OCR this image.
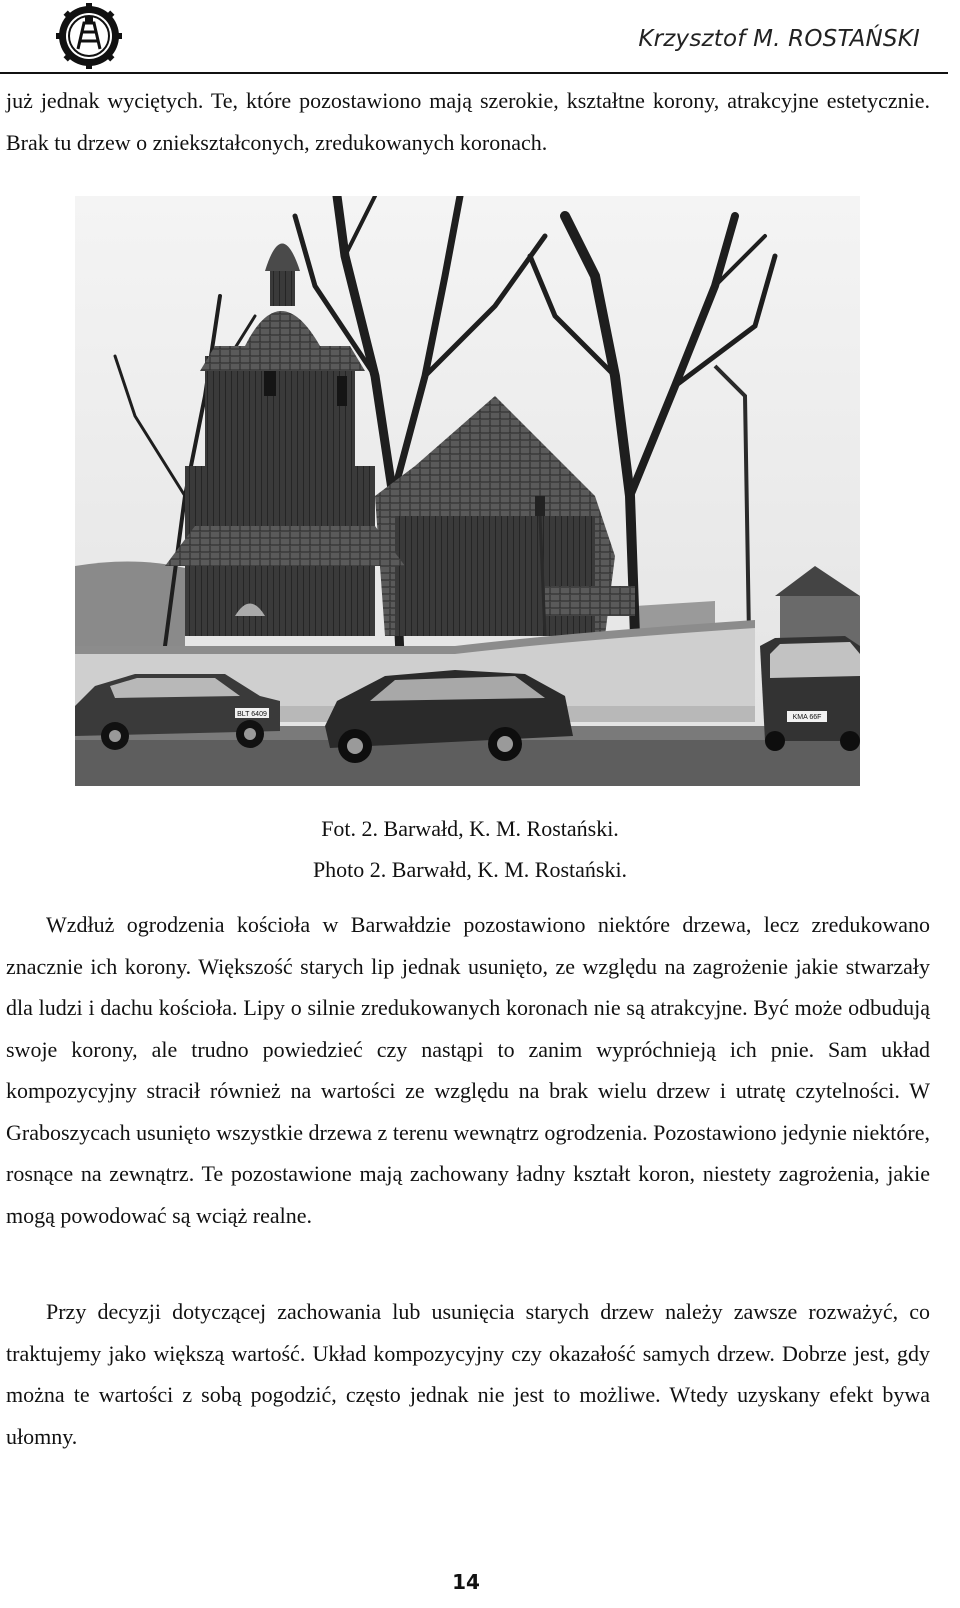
Krzysztof M. ROSTAŃSKI

już jednak wyciętych. Te, które pozostawiono mają szerokie, kształtne korony, atrakcyjne estetycznie. Brak tu drzew o zniekształconych, zredukowanych koronach.

BLT 6409	KMA 66F
Fot. 2. Barwałd, K. M. Rostański.
Photo 2. Barwałd, K. M. Rostański.

Wzdłuż ogrodzenia kościoła w Barwałdzie pozostawiono niektóre drzewa, lecz zredukowano znacznie ich korony. Większość starych lip jednak usunięto, ze względu na zagrożenie jakie stwarzały dla ludzi i dachu kościoła. Lipy o silnie zredukowanych koronach nie są atrakcyjne. Być może odbudują swoje korony, ale trudno powiedzieć czy nastąpi to zanim wypróchnieją ich pnie. Sam układ kompozycyjny stracił również na wartości ze względu na brak wielu drzew i utratę czytelności. W Graboszycach usunięto wszystkie drzewa z terenu wewnątrz ogrodzenia. Pozostawiono jedynie niektóre, rosnące na zewnątrz. Te pozostawione mają zachowany ładny kształt koron, niestety zagrożenia, jakie mogą powodować są wciąż realne.

Przy decyzji dotyczącej zachowania lub usunięcia starych drzew należy zawsze rozważyć, co traktujemy jako większą wartość. Układ kompozycyjny czy okazałość samych drzew. Dobrze jest, gdy można te wartości z sobą pogodzić, często jednak nie jest to możliwe. Wtedy uzyskany efekt bywa ułomny.

14
